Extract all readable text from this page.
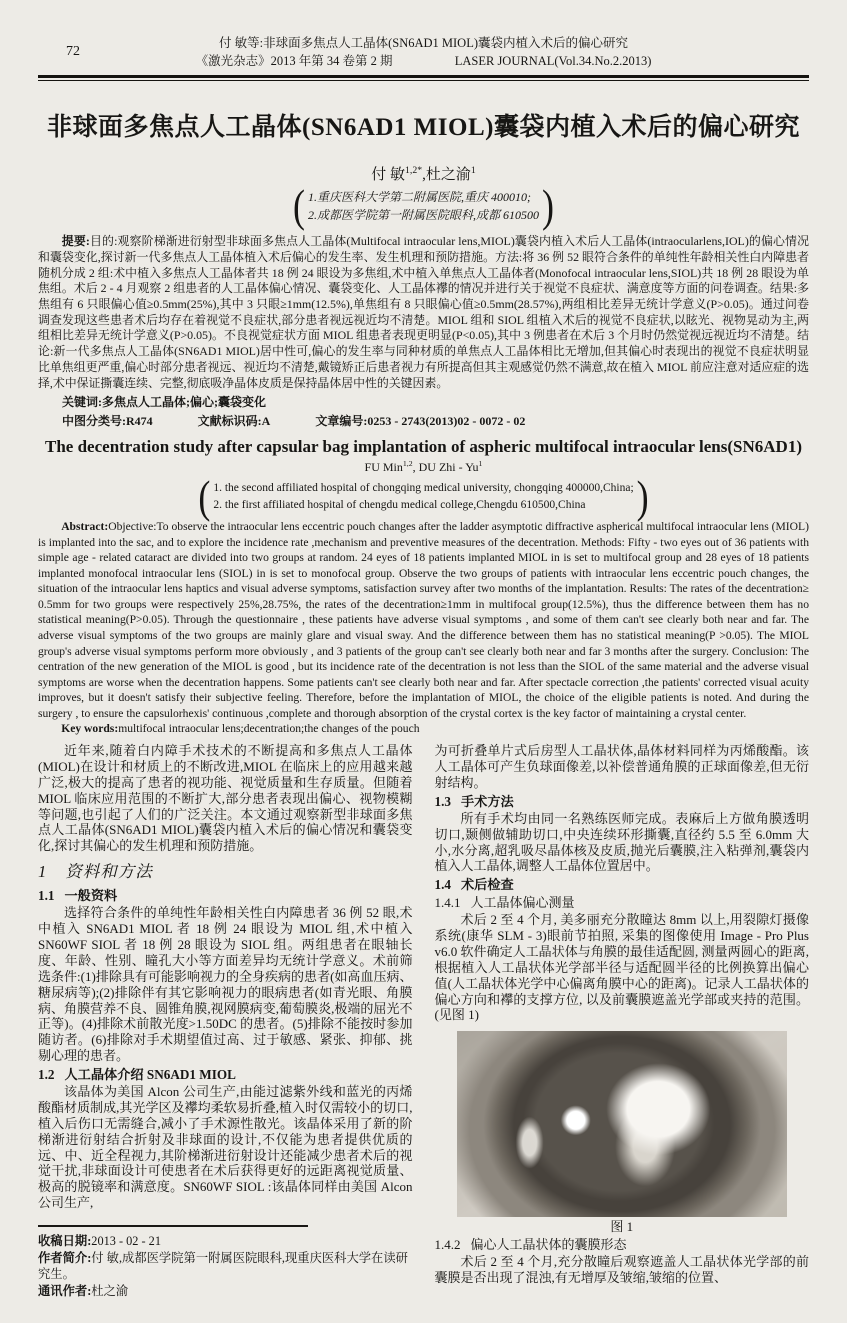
72
付 敏等:非球面多焦点人工晶体(SN6AD1 MIOL)囊袋内植入术后的偏心研究
《激光杂志》2013 年第 34 卷第 2 期	LASER JOURNAL(Vol.34.No.2.2013)
非球面多焦点人工晶体(SN6AD1 MIOL)囊袋内植入术后的偏心研究
付 敏$^{1,2*}$,杜之渝$^1$
( 1.重庆医科大学第二附属医院,重庆 400010;
2.成都医学院第一附属医院眼科,成都 610500 )

提要:目的:观察阶梯渐进衍射型非球面多焦点人工晶体(Multifocal intraocular lens,MIOL)囊袋内植入术后人工晶体(intraocularlens,IOL)的偏心情况和囊袋变化,探讨新一代多焦点人工晶体植入术后偏心的发生率、发生机理和预防措施。方法:将 36 例 52 眼符合条件的单纯性年龄相关性白内障患者随机分成 2 组:术中植入多焦点人工晶体者共 18 例 24 眼设为多焦组,术中植入单焦点人工晶体者(Monofocal intraocular lens,SIOL)共 18 例 28 眼设为单焦组。术后 2 - 4 月观察 2 组患者的人工晶体偏心情况、囊袋变化、人工晶体襻的情况并进行关于视觉不良症状、满意度等方面的问卷调查。结果:多焦组有 6 只眼偏心值≥0.5mm(25%),其中 3 只眼≥1mm(12.5%),单焦组有 8 只眼偏心值≥0.5mm(28.57%),两组相比差异无统计学意义(P>0.05)。通过问卷调查发现这些患者术后均存在着视觉不良症状,部分患者视远视近均不清楚。MIOL 组和 SIOL 组植入术后的视觉不良症状,以眩光、视物晃动为主,两组相比差异无统计学意义(P>0.05)。不良视觉症状方面 MIOL 组患者表现更明显(P<0.05),其中 3 例患者在术后 3 个月时仍然觉视远视近均不清楚。结论:新一代多焦点人工晶体(SN6AD1 MIOL)居中性可,偏心的发生率与同种材质的单焦点人工晶体相比无增加,但其偏心时表现出的视觉不良症状明显比单焦组更严重,偏心时部分患者视远、视近均不清楚,戴镜矫正后患者视力有所提高但其主观感觉仍然不满意,故在植入 MIOL 前应注意对适应症的选择,术中保证撕囊连续、完整,彻底吸净晶体皮质是保持晶体居中性的关键因素。

关键词:多焦点人工晶体;偏心;囊袋变化

中图分类号:R474	文献标识码:A	文章编号:0253 - 2743(2013)02 - 0072 - 02

The decentration study after capsular bag implantation of aspheric multifocal intraocular lens(SN6AD1)
FU Min$^{1,2}$, DU Zhi - Yu$^1$
( 1. the second affiliated hospital of chongqing medical university, chongqing 400000,China;
2. the first affiliated hospital of chengdu medical college,Chengdu 610500,China	)

Abstract:Objective:To observe the intraocular lens eccentric pouch changes after the ladder asymptotic diffractive aspherical multifocal intraocular lens (MIOL) is implanted into the sac, and to explore the incidence rate ,mechanism and preventive measures of the decentration. Methods: Fifty - two eyes out of 36 patients with simple age - related cataract are divided into two groups at random. 24 eyes of 18 patients implanted MIOL in is set to multifocal group and 28 eyes of 18 patients implanted monofocal intraocular lens (SIOL) in is set to monofocal group. Observe the two groups of patients with intraocular lens eccentric pouch changes, the situation of the intraocular lens haptics and visual adverse symptoms, satisfaction survey after two months of the implantation. Results: The rates of the decentration≥ 0.5mm for two groups were respectively 25%,28.75%, the rates of the decentration≥1mm in multifocal group(12.5%), thus the difference between them has no statistical meaning(P>0.05). Through the questionnaire , these patients have adverse visual symptoms , and some of them can't see clearly both near and far. The adverse visual symptoms of the two groups are mainly glare and visual sway. And the difference between them has no statistical meaning(P >0.05). The MIOL group's adverse visual symptoms perform more obviously , and 3 patients of the group can't see clearly both near and far 3 months after the surgery. Conclusion: The centration of the new generation of the MIOL is good , but its incidence rate of the decentration is not less than the SIOL of the same material and the adverse visual symptoms are worse when the decentration happens. Some patients can't see clearly both near and far. After spectacle correction ,the patients' corrected visual acuity improves, but it doesn't satisfy their subjective feeling. Therefore, before the implantation of MIOL, the choice of the eligible patients is noted. And during the surgery , to ensure the capsulorhexis' continuous ,complete and thorough absorption of the crystal cortex is the key factor of maintaining a crystal center.

Key words:multifocal intraocular lens;decentration;the changes of the pouch

近年来,随着白内障手术技术的不断提高和多焦点人工晶体(MIOL)在设计和材质上的不断改进,MIOL 在临床上的应用越来越广泛,极大的提高了患者的视功能、视觉质量和生存质量。但随着 MIOL 临床应用范围的不断扩大,部分患者表现出偏心、视物模糊等问题,也引起了人们的广泛关注。本文通过观察新型非球面多焦点人工晶体(SN6AD1 MIOL)囊袋内植入术后的偏心情况和囊袋变化,探讨其偏心的发生机理和预防措施。

1 资料和方法
1.1 一般资料

选择符合条件的单纯性年龄相关性白内障患者 36 例 52 眼,术中植入 SN6AD1 MIOL 者 18 例 24 眼设为 MIOL 组,术中植入 SN60WF SIOL 者 18 例 28 眼设为 SIOL 组。两组患者在眼轴长度、年龄、性别、瞳孔大小等方面差异均无统计学意义。术前筛选条件:(1)排除具有可能影响视力的全身疾病的患者(如高血压病、糖尿病等);(2)排除伴有其它影响视力的眼病患者(如青光眼、角膜病、角膜营养不良、圆锥角膜,视网膜病变,葡萄膜炎,极端的屈光不正等)。(4)排除术前散光度>1.50DC 的患者。(5)排除不能按时参加随访者。(6)排除对手术期望值过高、过于敏感、紧张、抑郁、挑剔心理的患者。

1.2 人工晶体介绍 SN6AD1 MIOL

该晶体为美国 Alcon 公司生产,由能过滤紫外线和蓝光的丙烯酸酯材质制成,其光学区及襻均柔软易折叠,植入时仅需较小的切口,植入后伤口无需缝合,减小了手术源性散光。该晶体采用了新的阶梯渐进衍射结合折射及非球面的设计,不仅能为患者提供优质的远、中、近全程视力,其阶梯渐进衍射设计还能减少患者术后的视觉干扰,非球面设计可使患者在术后获得更好的远距离视觉质量、极高的脱镜率和满意度。SN60WF SIOL :该晶体同样由美国 Alcon 公司生产,

收稿日期:2013 - 02 - 21

作者简介:付 敏,成都医学院第一附属医院眼科,现重庆医科大学在读研究生。

通讯作者:杜之渝

为可折叠单片式后房型人工晶状体,晶体材料同样为丙烯酸酯。该人工晶体可产生负球面像差,以补偿普通角膜的正球面像差,但无衍射结构。

1.3 手术方法

所有手术均由同一名熟练医师完成。表麻后上方做角膜透明切口,颞侧做辅助切口,中央连续环形撕囊,直径约 5.5 至 6.0mm 大小,水分离,超乳吸尽晶体核及皮质,抛光后囊膜,注入粘弹剂,囊袋内植入人工晶体,调整人工晶体位置居中。

1.4 术后检查
1.4.1 人工晶体偏心测量

术后 2 至 4 个月, 美多丽充分散瞳达 8mm 以上,用裂隙灯摄像系统(康华 SLM - 3)眼前节拍照, 采集的图像使用 Image - Pro Plus v6.0 软件确定人工晶状体与角膜的最佳适配圆, 测量两圆心的距离, 根据植入人工晶状体光学部半径与适配圆半径的比例换算出偏心值(人工晶状体光学中心偏离角膜中心的距离)。记录人工晶状体的偏心方向和襻的支撑方位, 以及前囊膜遮盖光学部或夹持的范围。(见图 1)

图 1
1.4.2 偏心人工晶状体的囊膜形态

术后 2 至 4 个月,充分散瞳后观察遮盖人工晶状体光学部的前囊膜是否出现了混浊,有无增厚及皱缩,皱缩的位置、
